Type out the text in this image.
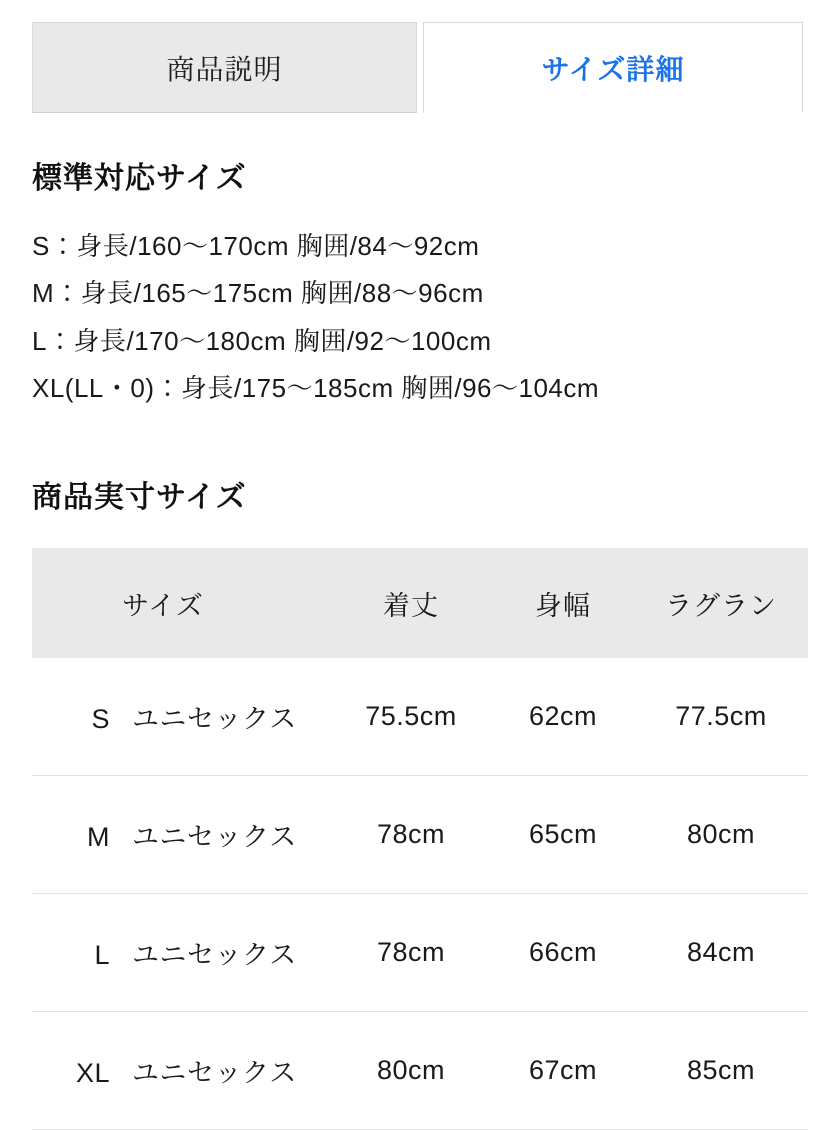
商品説明	サイズ詳細
標準対応サイズ
S：身長/160〜170cm 胸囲/84〜92cm
M：身長/165〜175cm 胸囲/88〜96cm
L：身長/170〜180cm 胸囲/92〜100cm
XL(LL・0)：身長/175〜185cm 胸囲/96〜104cm
商品実寸サイズ
サイズ	着丈	身幅	ラグラン
S ユニセックス	75.5cm	62cm	77.5cm
M ユニセックス	78cm	65cm	80cm
L ユニセックス	78cm	66cm	84cm
XL ユニセックス	80cm	67cm	85cm
